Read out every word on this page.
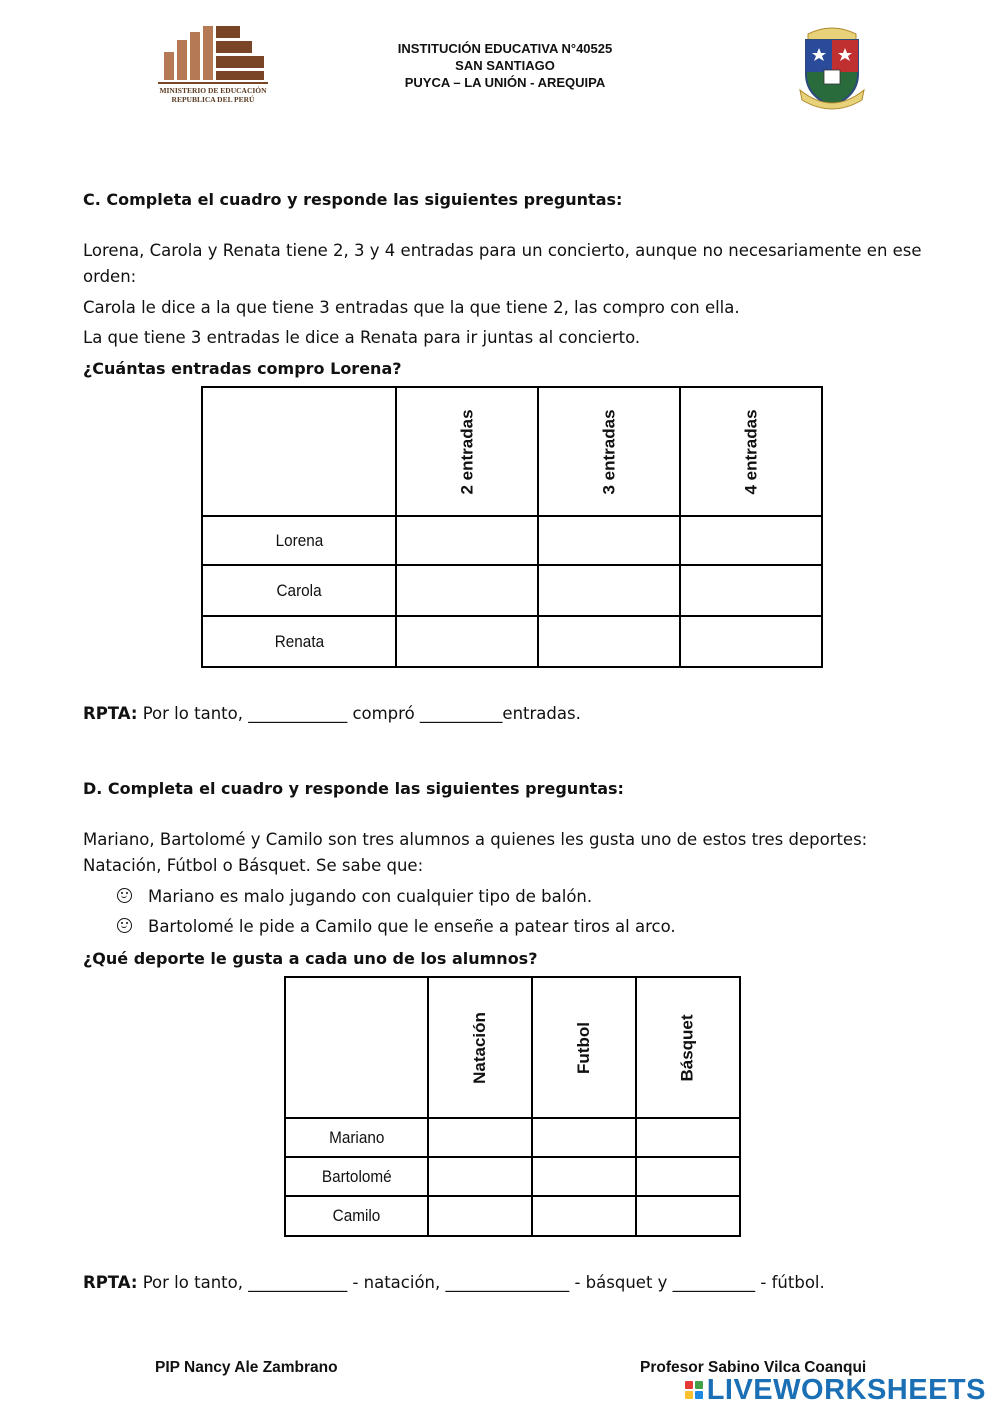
MINISTERIO DE EDUCACIÓN
REPUBLICA DEL PERÚ
INSTITUCIÓN EDUCATIVA N°40525
SAN SANTIAGO
PUYCA – LA UNIÓN - AREQUIPA
C. Completa el cuadro y responde las siguientes preguntas:
Lorena, Carola y Renata tiene 2, 3 y 4 entradas para un concierto, aunque no necesariamente en ese orden:
Carola le dice a la que tiene 3 entradas que la que tiene 2, las compro con ella.
La que tiene 3 entradas le dice a Renata para ir juntas al concierto.
¿Cuántas entradas compro Lorena?
	2 entradas	3 entradas	4 entradas
Lorena			
Carola			
Renata			
RPTA: Por lo tanto, ____________ compró __________entradas.
D. Completa el cuadro y responde las siguientes preguntas:
Mariano, Bartolomé y Camilo son tres alumnos a quienes les gusta uno de estos tres deportes: Natación, Fútbol o Básquet. Se sabe que:
Mariano es malo jugando con cualquier tipo de balón.
Bartolomé le pide a Camilo que le enseñe a patear tiros al arco.
¿Qué deporte le gusta a cada uno de los alumnos?
	Natación	Futbol	Básquet
Mariano			
Bartolomé			
Camilo			
RPTA: Por lo tanto, ____________ - natación, _______________ - básquet y __________ - fútbol.
PIP Nancy Ale Zambrano	Profesor Sabino Vilca Coanqui
LIVEWORKSHEETS
